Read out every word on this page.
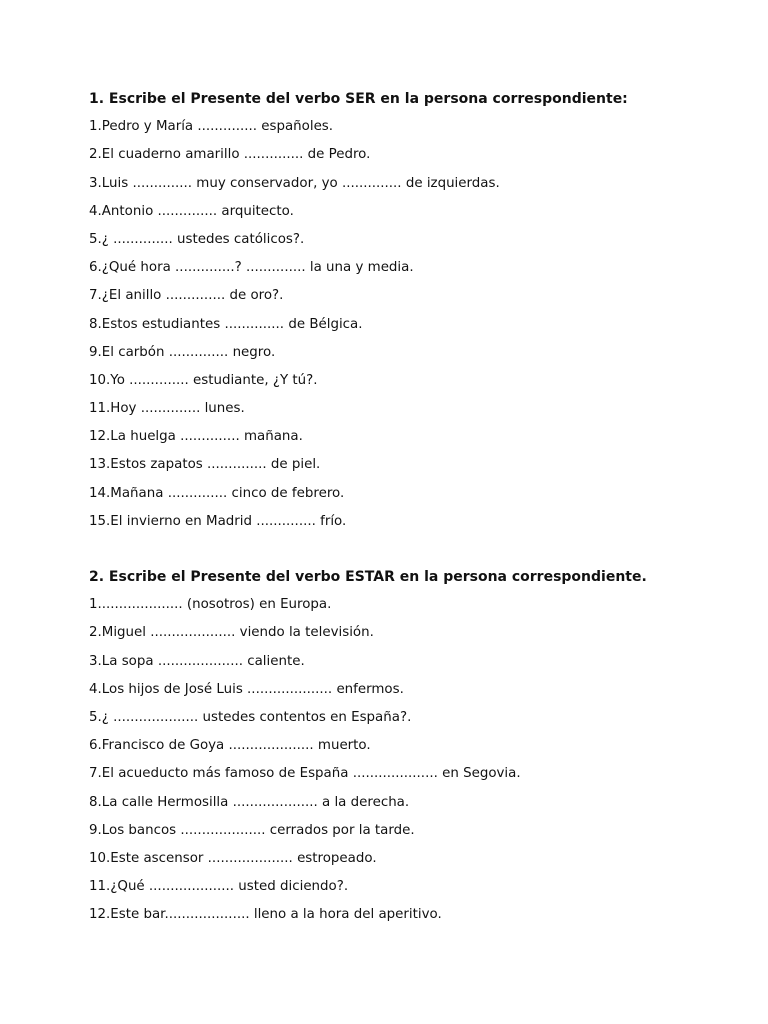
1. Escribe el Presente del verbo SER en la persona correspondiente:
1.Pedro y María .............. españoles.
2.El cuaderno amarillo .............. de Pedro.
3.Luis .............. muy conservador, yo .............. de izquierdas.
4.Antonio .............. arquitecto.
5.¿ .............. ustedes católicos?.
6.¿Qué hora ..............? .............. la una y media.
7.¿El anillo .............. de oro?.
8.Estos estudiantes .............. de Bélgica.
9.El carbón .............. negro.
10.Yo .............. estudiante, ¿Y tú?.
11.Hoy .............. lunes.
12.La huelga .............. mañana.
13.Estos zapatos .............. de piel.
14.Mañana .............. cinco de febrero.
15.El invierno en Madrid .............. frío.
2. Escribe el Presente del verbo ESTAR en la persona correspondiente.
1.................... (nosotros) en Europa.
2.Miguel .................... viendo la televisión.
3.La sopa .................... caliente.
4.Los hijos de José Luis .................... enfermos.
5.¿ .................... ustedes contentos en España?.
6.Francisco de Goya .................... muerto.
7.El acueducto más famoso de España .................... en Segovia.
8.La calle Hermosilla .................... a la derecha.
9.Los bancos .................... cerrados por la tarde.
10.Este ascensor .................... estropeado.
11.¿Qué .................... usted diciendo?.
12.Este bar.................... lleno a la hora del aperitivo.
